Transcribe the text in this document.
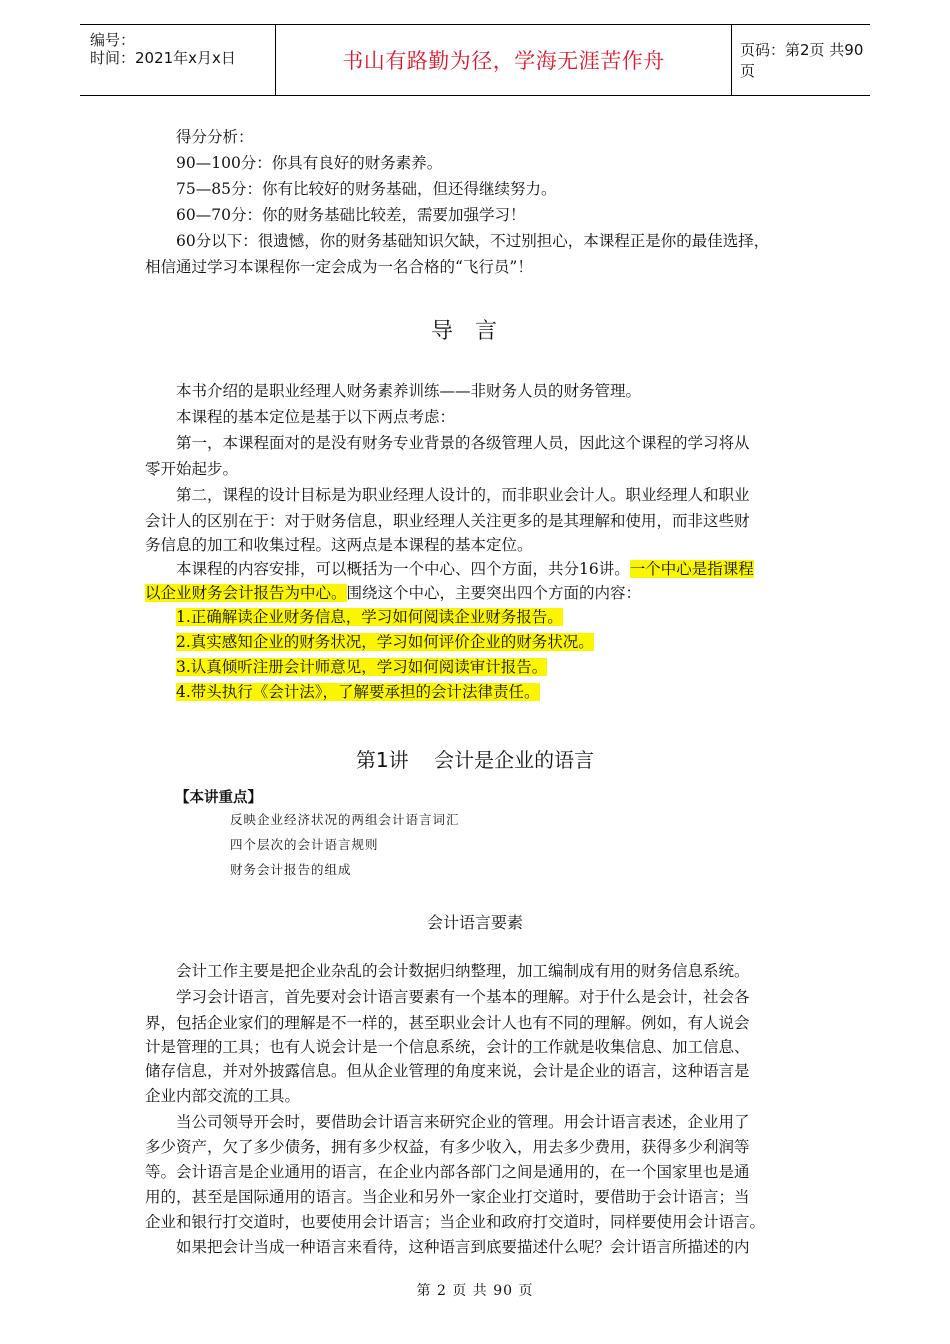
编号：
时间：2021年x月x日	书山有路勤为径，学海无涯苦作舟	页码：第2页 共90页
得分分析：
90—100分：你具有良好的财务素养。
75—85分：你有比较好的财务基础，但还得继续努力。
60—70分：你的财务基础比较差，需要加强学习！
60分以下：很遗憾，你的财务基础知识欠缺，不过别担心，本课程正是你的最佳选择，
相信通过学习本课程你一定会成为一名合格的“飞行员”！
导言
本书介绍的是职业经理人财务素养训练——非财务人员的财务管理。
本课程的基本定位是基于以下两点考虑：
第一，本课程面对的是没有财务专业背景的各级管理人员，因此这个课程的学习将从
零开始起步。
第二，课程的设计目标是为职业经理人设计的，而非职业会计人。职业经理人和职业
会计人的区别在于：对于财务信息，职业经理人关注更多的是其理解和使用，而非这些财
务信息的加工和收集过程。这两点是本课程的基本定位。
本课程的内容安排，可以概括为一个中心、四个方面，共分16讲。一个中心是指课程
以企业财务会计报告为中心。围绕这个中心，主要突出四个方面的内容：
1.正确解读企业财务信息，学习如何阅读企业财务报告。
2.真实感知企业的财务状况，学习如何评价企业的财务状况。
3.认真倾听注册会计师意见，学习如何阅读审计报告。
4.带头执行《会计法》，了解要承担的会计法律责任。
第1讲    会计是企业的语言
【本讲重点】
反映企业经济状况的两组会计语言词汇
四个层次的会计语言规则
财务会计报告的组成
会计语言要素
会计工作主要是把企业杂乱的会计数据归纳整理，加工编制成有用的财务信息系统。
学习会计语言，首先要对会计语言要素有一个基本的理解。对于什么是会计，社会各
界，包括企业家们的理解是不一样的，甚至职业会计人也有不同的理解。例如，有人说会
计是管理的工具；也有人说会计是一个信息系统，会计的工作就是收集信息、加工信息、
储存信息，并对外披露信息。但从企业管理的角度来说，会计是企业的语言，这种语言是
企业内部交流的工具。
当公司领导开会时，要借助会计语言来研究企业的管理。用会计语言表述，企业用了
多少资产，欠了多少债务，拥有多少权益，有多少收入，用去多少费用，获得多少利润等
等。会计语言是企业通用的语言，在企业内部各部门之间是通用的，在一个国家里也是通
用的，甚至是国际通用的语言。当企业和另外一家企业打交道时，要借助于会计语言；当
企业和银行打交道时，也要使用会计语言；当企业和政府打交道时，同样要使用会计语言。
如果把会计当成一种语言来看待，这种语言到底要描述什么呢？会计语言所描述的内
第 2 页 共 90 页
